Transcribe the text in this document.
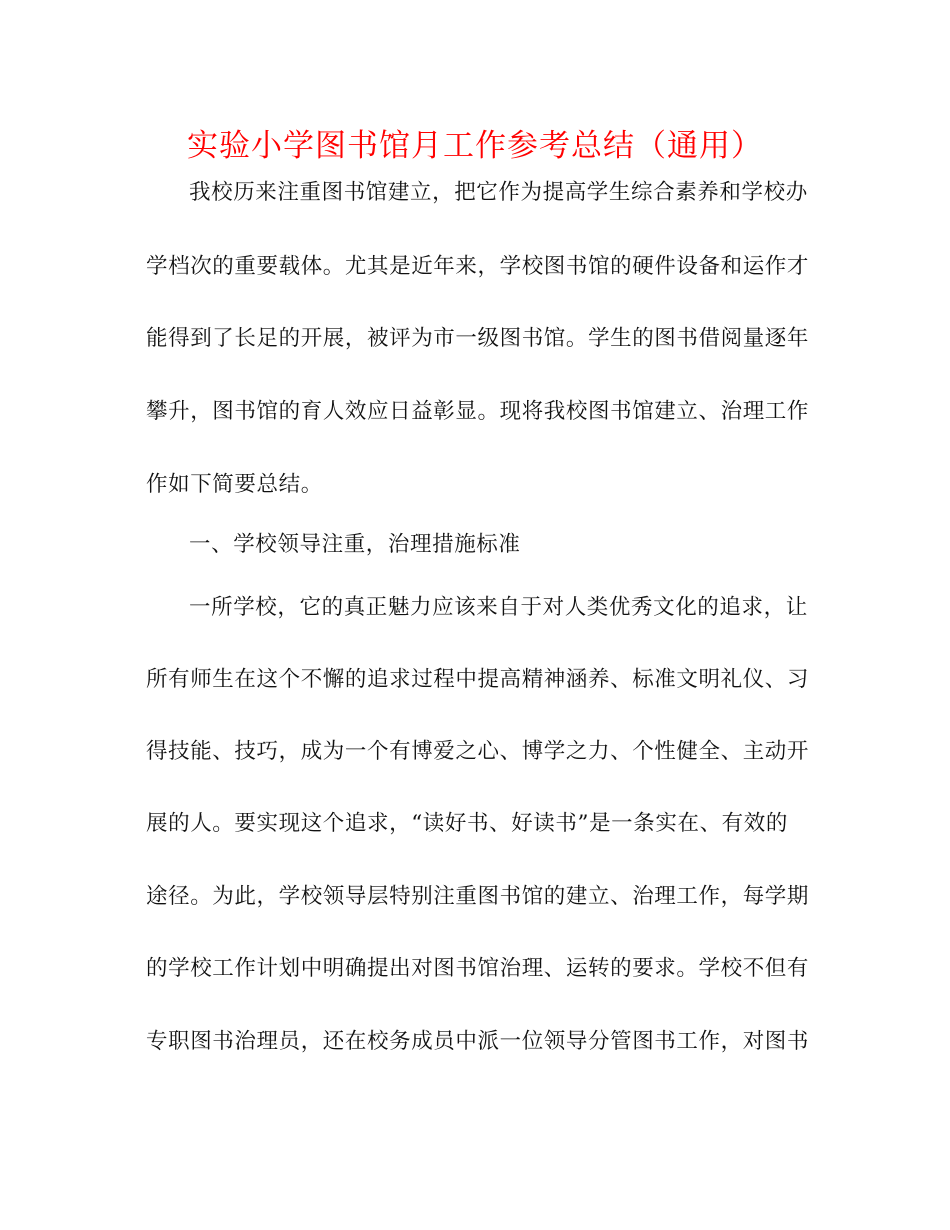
实验小学图书馆月工作参考总结（通用）

我校历来注重图书馆建立，把它作为提高学生综合素养和学校办

学档次的重要载体。尤其是近年来，学校图书馆的硬件设备和运作才

能得到了长足的开展，被评为市一级图书馆。学生的图书借阅量逐年

攀升，图书馆的育人效应日益彰显。现将我校图书馆建立、治理工作

作如下简要总结。

一、学校领导注重，治理措施标准

一所学校，它的真正魅力应该来自于对人类优秀文化的追求，让

所有师生在这个不懈的追求过程中提高精神涵养、标准文明礼仪、习

得技能、技巧，成为一个有博爱之心、博学之力、个性健全、主动开

展的人。要实现这个追求，“读好书、好读书”是一条实在、有效的

途径。为此，学校领导层特别注重图书馆的建立、治理工作，每学期

的学校工作计划中明确提出对图书馆治理、运转的要求。学校不但有

专职图书治理员，还在校务成员中派一位领导分管图书工作，对图书
